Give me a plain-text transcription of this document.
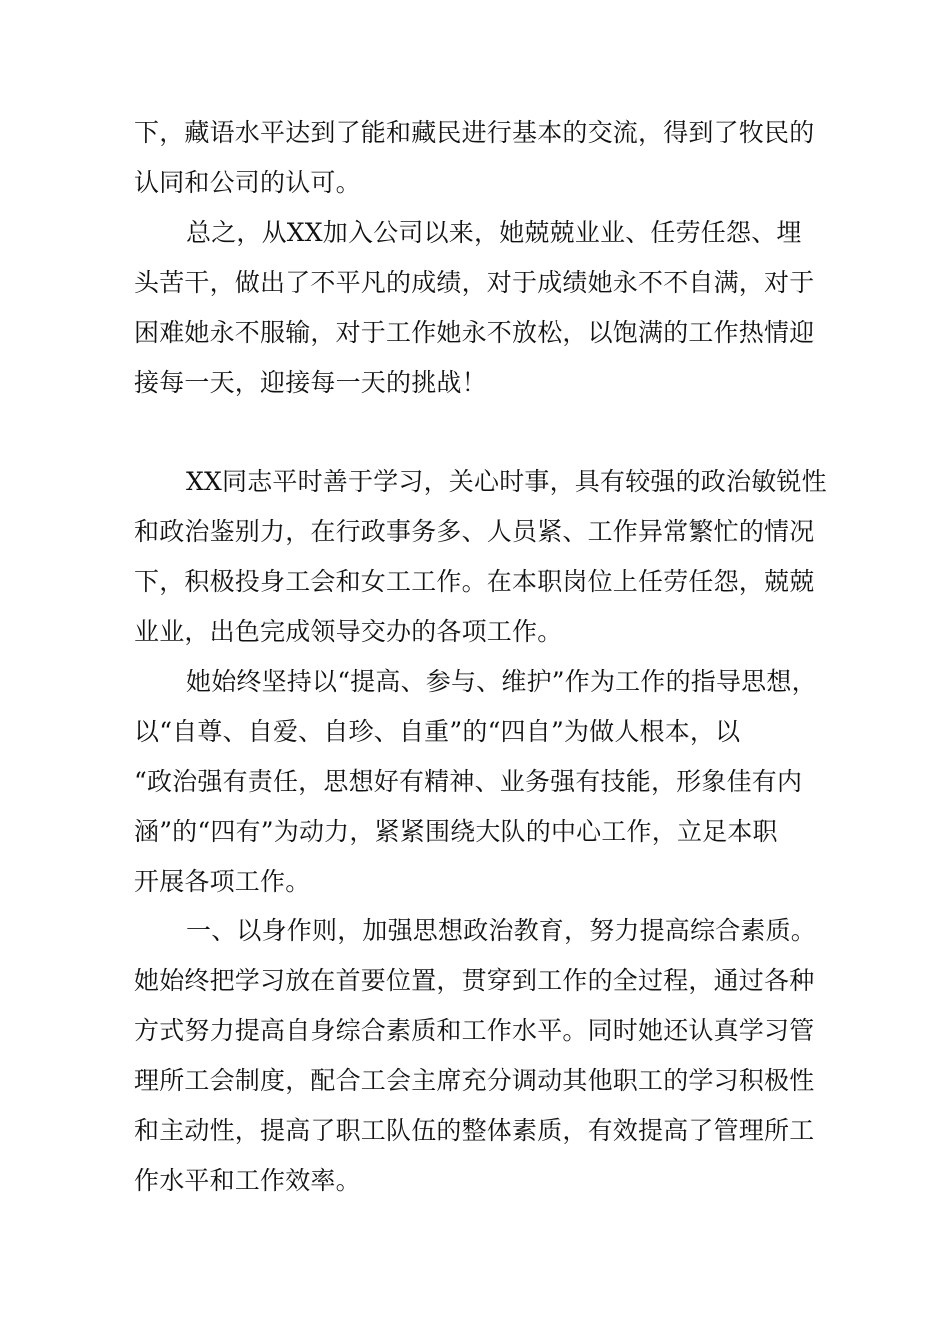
下，藏语水平达到了能和藏民进行基本的交流，得到了牧民的
认同和公司的认可。
总之，从XX加入公司以来，她兢兢业业、任劳任怨、埋
头苦干，做出了不平凡的成绩，对于成绩她永不不自满，对于
困难她永不服输，对于工作她永不放松，以饱满的工作热情迎
接每一天，迎接每一天的挑战！
XX同志平时善于学习，关心时事，具有较强的政治敏锐性
和政治鉴别力，在行政事务多、人员紧、工作异常繁忙的情况
下，积极投身工会和女工工作。在本职岗位上任劳任怨，兢兢
业业，出色完成领导交办的各项工作。
她始终坚持以“提高、参与、维护”作为工作的指导思想，
以“自尊、自爱、自珍、自重”的“四自”为做人根本，以
“政治强有责任，思想好有精神、业务强有技能，形象佳有内
涵”的“四有”为动力，紧紧围绕大队的中心工作，立足本职
开展各项工作。
一、以身作则，加强思想政治教育，努力提高综合素质。
她始终把学习放在首要位置，贯穿到工作的全过程，通过各种
方式努力提高自身综合素质和工作水平。同时她还认真学习管
理所工会制度，配合工会主席充分调动其他职工的学习积极性
和主动性，提高了职工队伍的整体素质，有效提高了管理所工
作水平和工作效率。
